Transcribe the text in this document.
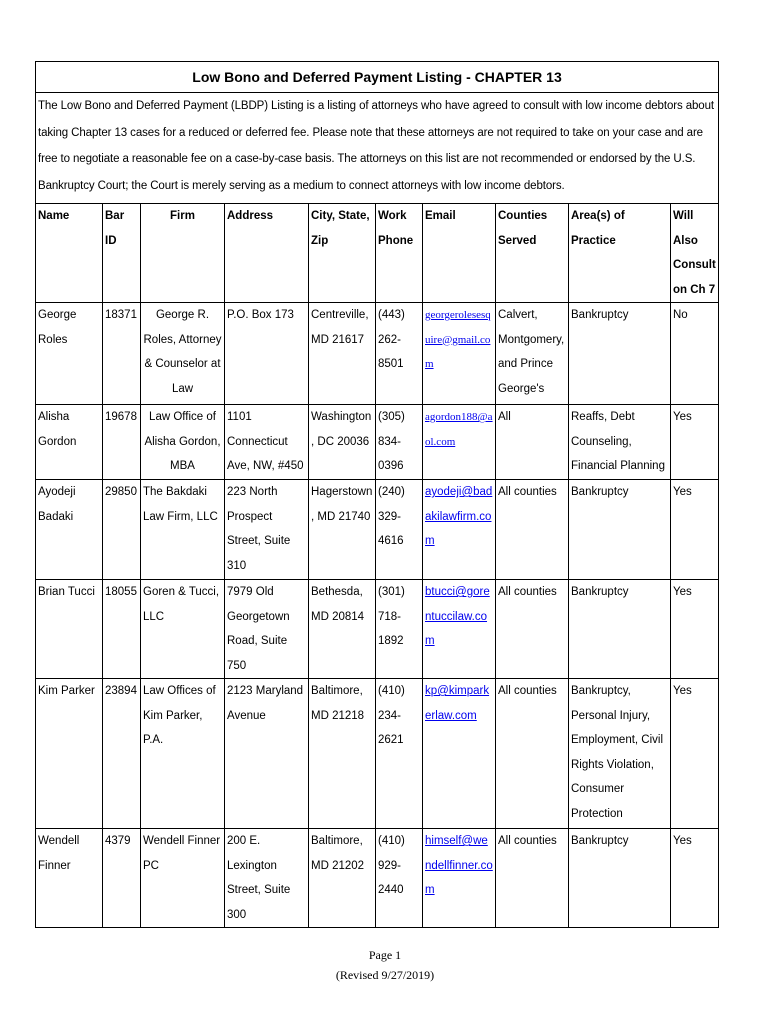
Low Bono and Deferred Payment Listing - CHAPTER 13									
The Low Bono and Deferred Payment (LBDP) Listing is a listing of attorneys who have agreed to consult with low income debtors about taking Chapter 13 cases for a reduced or deferred fee. Please note that these attorneys are not required to take on your case and are free to negotiate a reasonable fee on a case-by-case basis. The attorneys on this list are not recommended or endorsed by the U.S. Bankruptcy Court; the Court is merely serving as a medium to connect attorneys with low income debtors.									
Name	Bar ID	Firm	Address	City, State, Zip	Work Phone	Email	Counties Served	Area(s) of Practice	Will Also Consult on Ch 7
George Roles	18371	George R. Roles, Attorney & Counselor at Law	P.O. Box 173	Centreville, MD 21617	(443) 262-8501	georgerolesesquire@gmail.com	Calvert, Montgomery, and Prince George's	Bankruptcy	No
Alisha Gordon	19678	Law Office of Alisha Gordon, MBA	1101 Connecticut Ave, NW, #450	Washington, DC 20036	(305) 834-0396	agordon188@aol.com	All	Reaffs, Debt Counseling, Financial Planning	Yes
Ayodeji Badaki	29850	The Bakdaki Law Firm, LLC	223 North Prospect Street, Suite 310	Hagerstown, MD 21740	(240) 329-4616	ayodeji@badakilawfirm.com	All counties	Bankruptcy	Yes
Brian Tucci	18055	Goren & Tucci, LLC	7979 Old Georgetown Road, Suite 750	Bethesda, MD 20814	(301) 718-1892	btucci@gorentuccilaw.com	All counties	Bankruptcy	Yes
Kim Parker	23894	Law Offices of Kim Parker, P.A.	2123 Maryland Avenue	Baltimore, MD 21218	(410) 234-2621	kp@kimparkerlaw.com	All counties	Bankruptcy, Personal Injury, Employment, Civil Rights Violation, Consumer Protection	Yes
Wendell Finner	4379	Wendell Finner PC	200 E. Lexington Street, Suite 300	Baltimore, MD 21202	(410) 929-2440	himself@wendellfinner.com	All counties	Bankruptcy	Yes
Page 1
(Revised 9/27/2019)
